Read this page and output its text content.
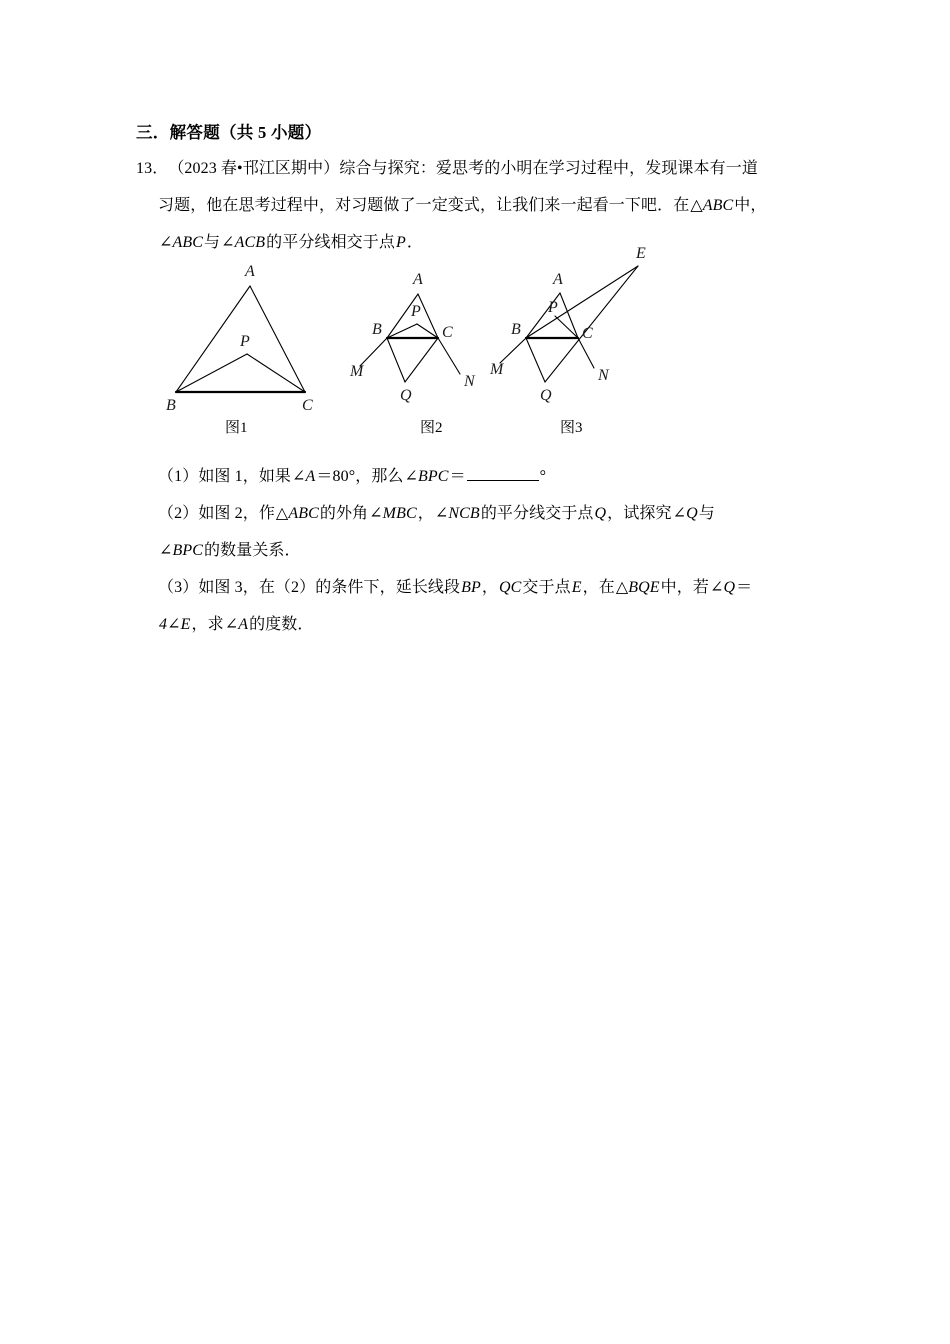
三．解答题（共 5 小题）
13．（2023 春•邗江区期中）综合与探究：爱思考的小明在学习过程中，发现课本有一道
习题，他在思考过程中，对习题做了一定变式，让我们来一起看一下吧．在△ABC中，
∠ABC与∠ACB的平分线相交于点P．
A
B	C
P
A
B	C
P
Q
M
N
E
A
B	C
P
Q
M	N
图1	图2	图3
（1）如图 1，如果∠A＝80°，那么∠BPC＝	°
（2）如图 2，作△ABC的外角∠MBC，∠NCB的平分线交于点Q，试探究∠Q与
∠BPC的数量关系．
（3）如图 3，在（2）的条件下，延长线段BP，QC交于点E，在△BQE中，若∠Q＝
4∠E，求∠A的度数．
